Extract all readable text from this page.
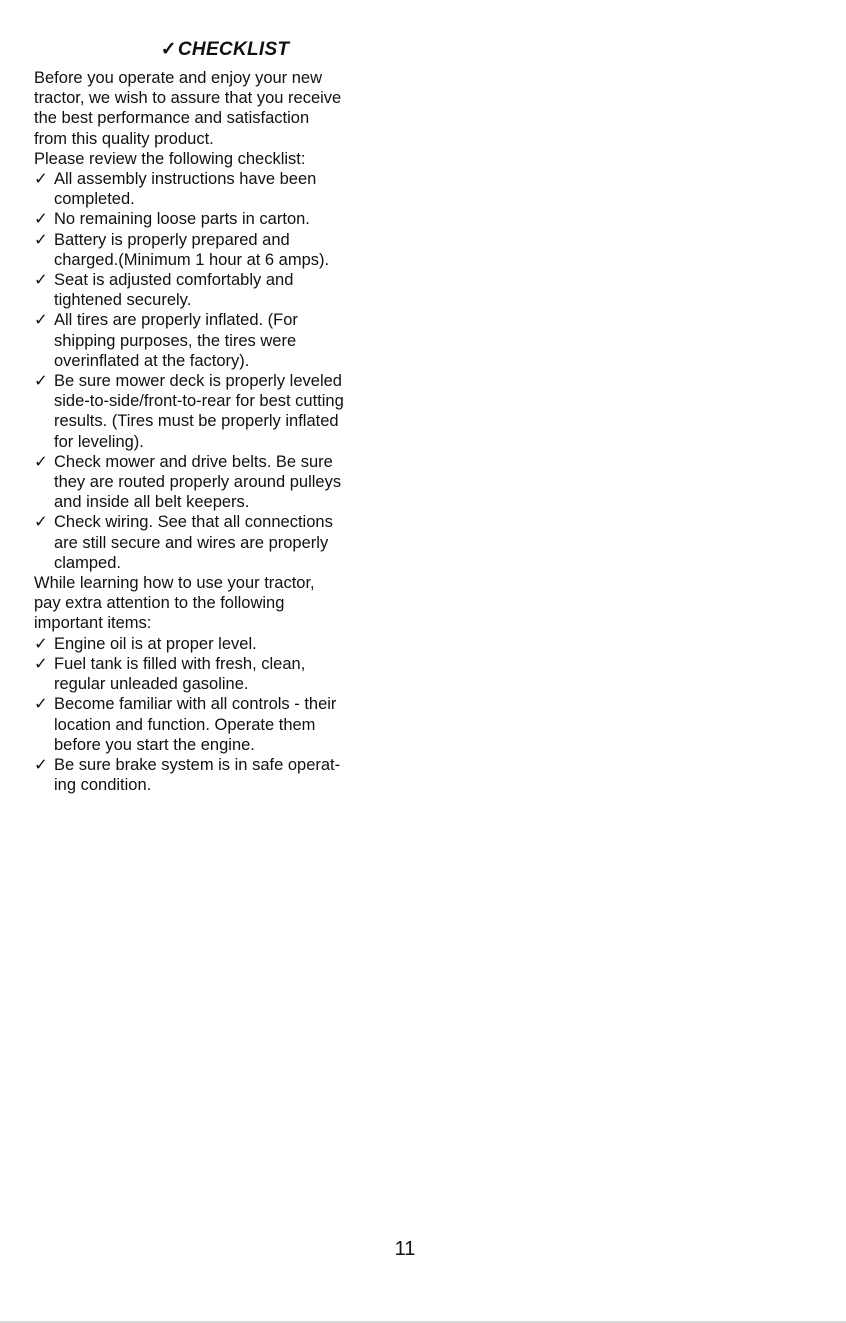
✓CHECKLIST

Before you operate and enjoy your new
tractor, we wish to assure that you receive
the best performance and satisfaction
from this quality product.
Please review the following checklist:

✓ All assembly instructions have been
completed.
✓ No remaining loose parts in carton.
✓ Battery is properly prepared and
charged.(Minimum 1 hour at 6 amps).
✓ Seat is adjusted comfortably and
tightened securely.
✓ All tires are properly inflated. (For
shipping purposes, the tires were
overinflated at the factory).
✓ Be sure mower deck is properly leveled
side-to-side/front-to-rear for best cutting
results. (Tires must be properly inflated
for leveling).
✓ Check mower and drive belts. Be sure
they are routed properly around pulleys
and inside all belt keepers.
✓ Check wiring. See that all connections
are still secure and wires are properly
clamped.

While learning how to use your tractor,
pay extra attention to the following
important items:

✓ Engine oil is at proper level.
✓ Fuel tank is filled with fresh, clean,
regular unleaded gasoline.
✓ Become familiar with all controls - their
location and function. Operate them
before you start the engine.
✓ Be sure brake system is in safe operat-
ing condition.
11
